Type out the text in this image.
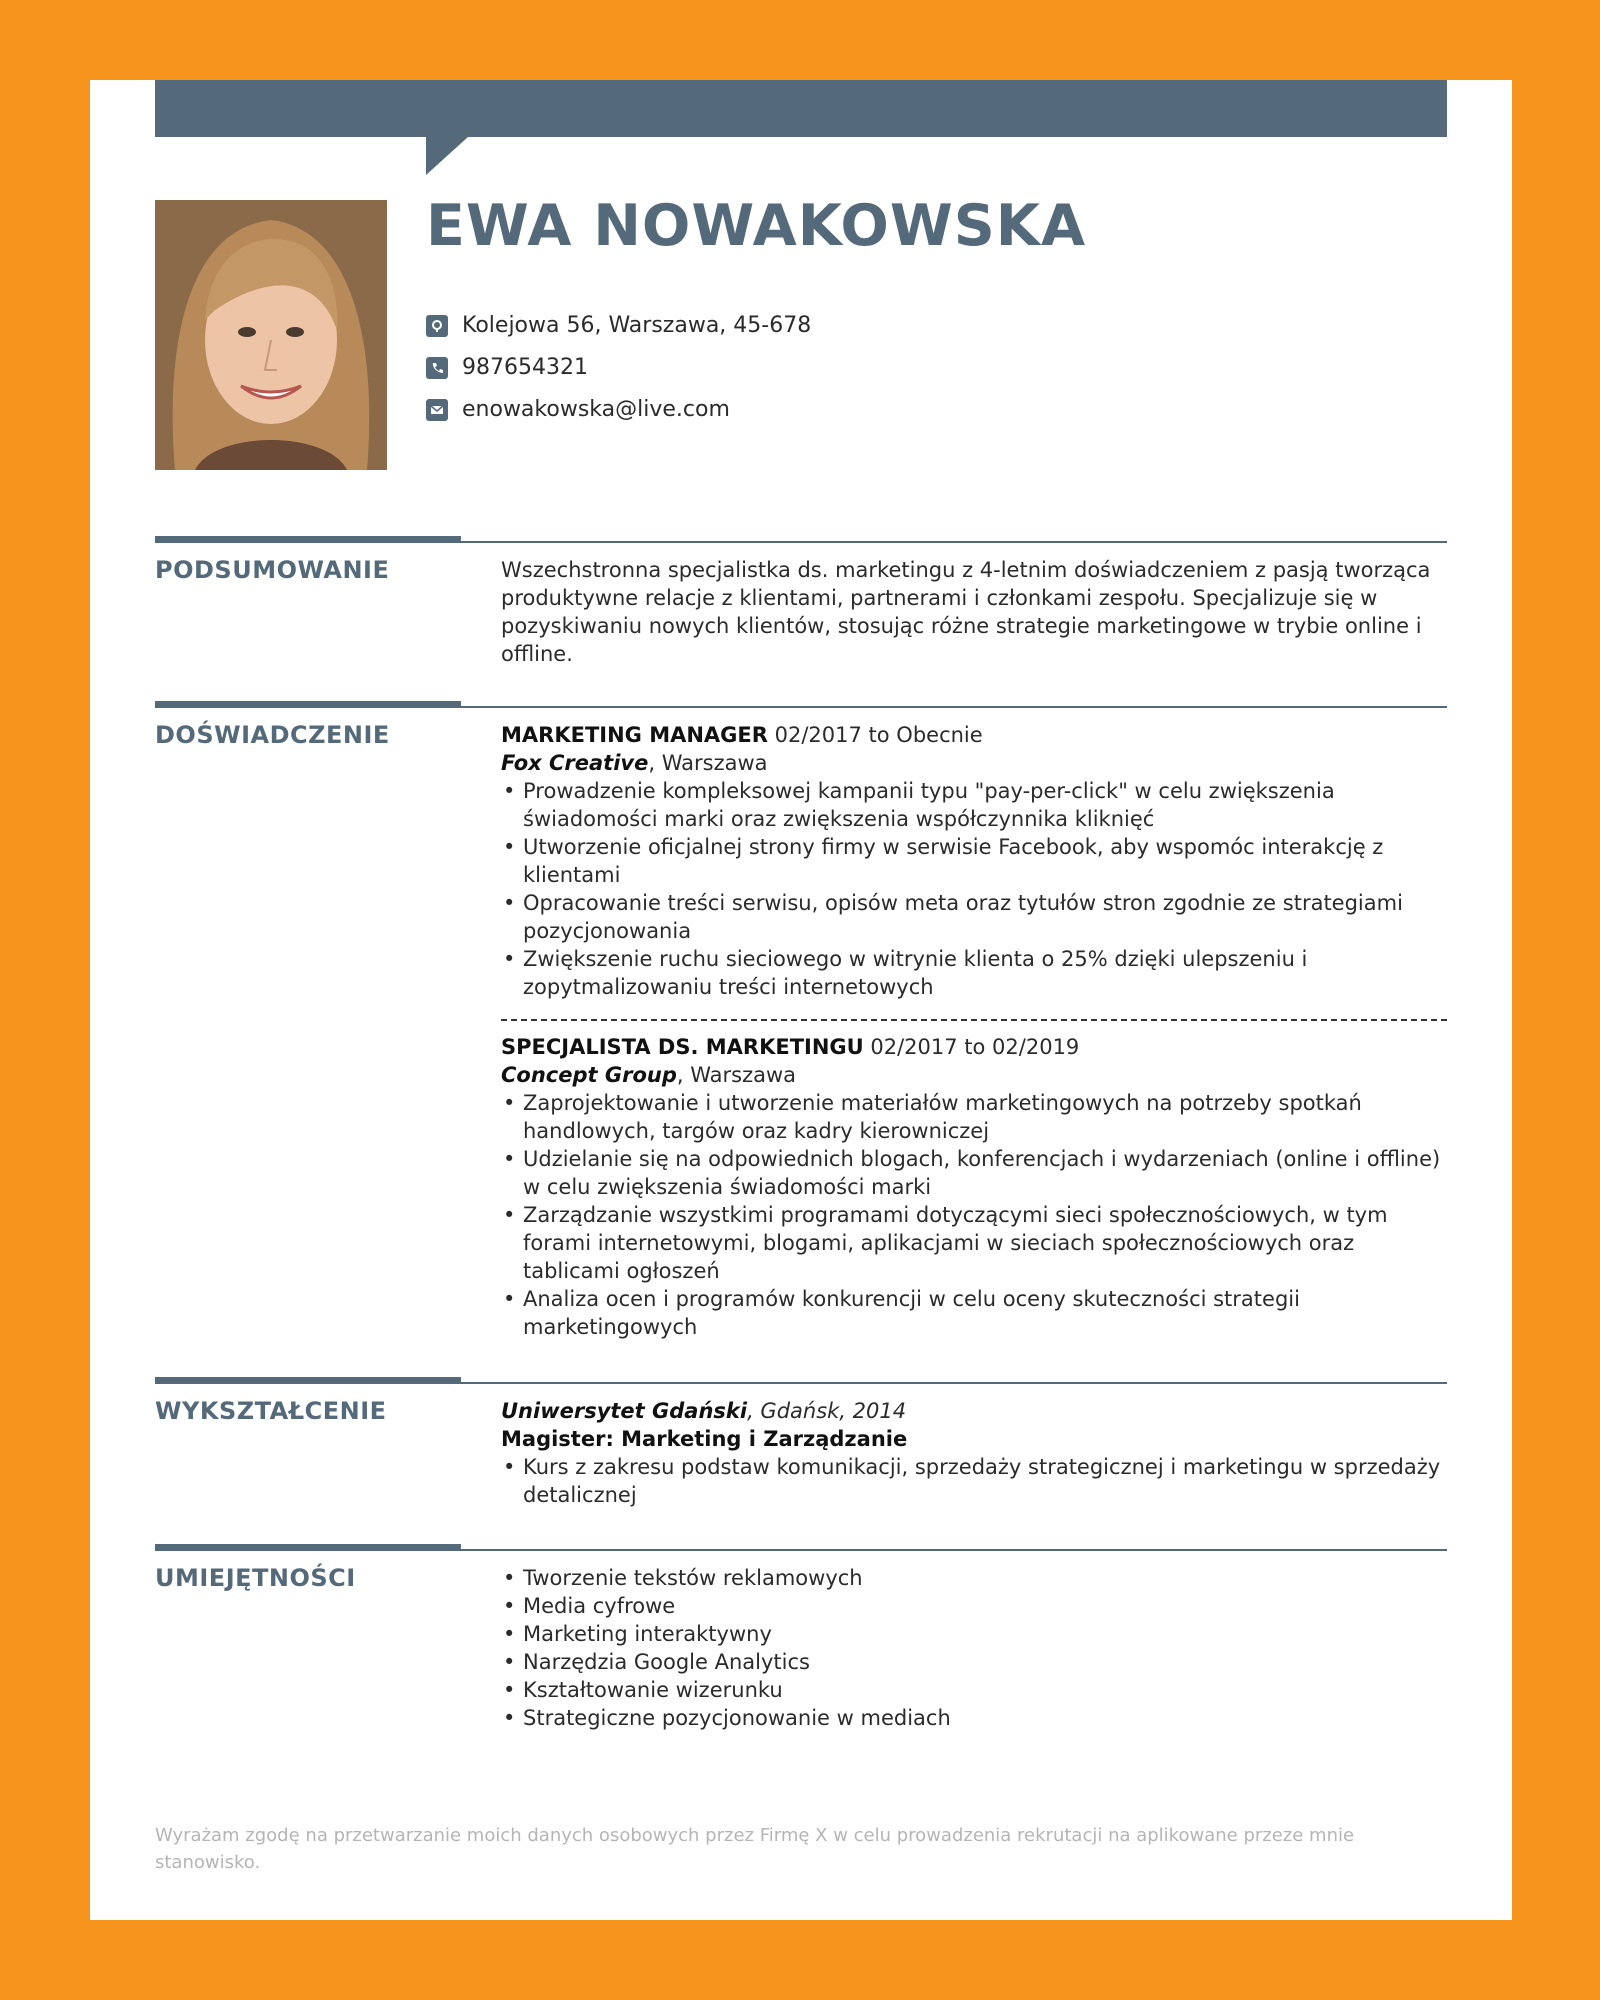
EWA NOWAKOWSKA
Kolejowa 56, Warszawa, 45-678
987654321
enowakowska@live.com
PODSUMOWANIE	Wszechstronna specjalistka ds. marketingu z 4-letnim doświadczeniem z pasją tworząca produktywne relacje z klientami, partnerami i członkami zespołu. Specjalizuje się w pozyskiwaniu nowych klientów, stosując różne strategie marketingowe w trybie online i offline.

DOŚWIADCZENIE	MARKETING MANAGER 02/2017 to Obecnie

Fox Creative, Warszawa

• Prowadzenie kompleksowej kampanii typu "pay-per-click" w celu zwiększenia świadomości marki oraz zwiększenia współczynnika kliknięć
• Utworzenie oficjalnej strony firmy w serwisie Facebook, aby wspomóc interakcję z klientami
• Opracowanie treści serwisu, opisów meta oraz tytułów stron zgodnie ze strategiami pozycjonowania
• Zwiększenie ruchu sieciowego w witrynie klienta o 25% dzięki ulepszeniu i zopytmalizowaniu treści internetowych

SPECJALISTA DS. MARKETINGU 02/2017 to 02/2019

Concept Group, Warszawa

• Zaprojektowanie i utworzenie materiałów marketingowych na potrzeby spotkań handlowych, targów oraz kadry kierowniczej
• Udzielanie się na odpowiednich blogach, konferencjach i wydarzeniach (online i offline) w celu zwiększenia świadomości marki
• Zarządzanie wszystkimi programami dotyczącymi sieci społecznościowych, w tym forami internetowymi, blogami, aplikacjami w sieciach społecznościowych oraz tablicami ogłoszeń
• Analiza ocen i programów konkurencji w celu oceny skuteczności strategii marketingowych
WYKSZTAŁCENIE	Uniwersytet Gdański, Gdańsk, 2014

Magister: Marketing i Zarządzanie

• Kurs z zakresu podstaw komunikacji, sprzedaży strategicznej i marketingu w sprzedaży detalicznej
UMIEJĘTNOŚCI
•	Tworzenie tekstów reklamowych
• Media cyfrowe
• Marketing interaktywny
• Narzędzia Google Analytics
• Kształtowanie wizerunku
• Strategiczne pozycjonowanie w mediach
Wyrażam zgodę na przetwarzanie moich danych osobowych przez Firmę X w celu prowadzenia rekrutacji na aplikowane przeze mnie stanowisko.
